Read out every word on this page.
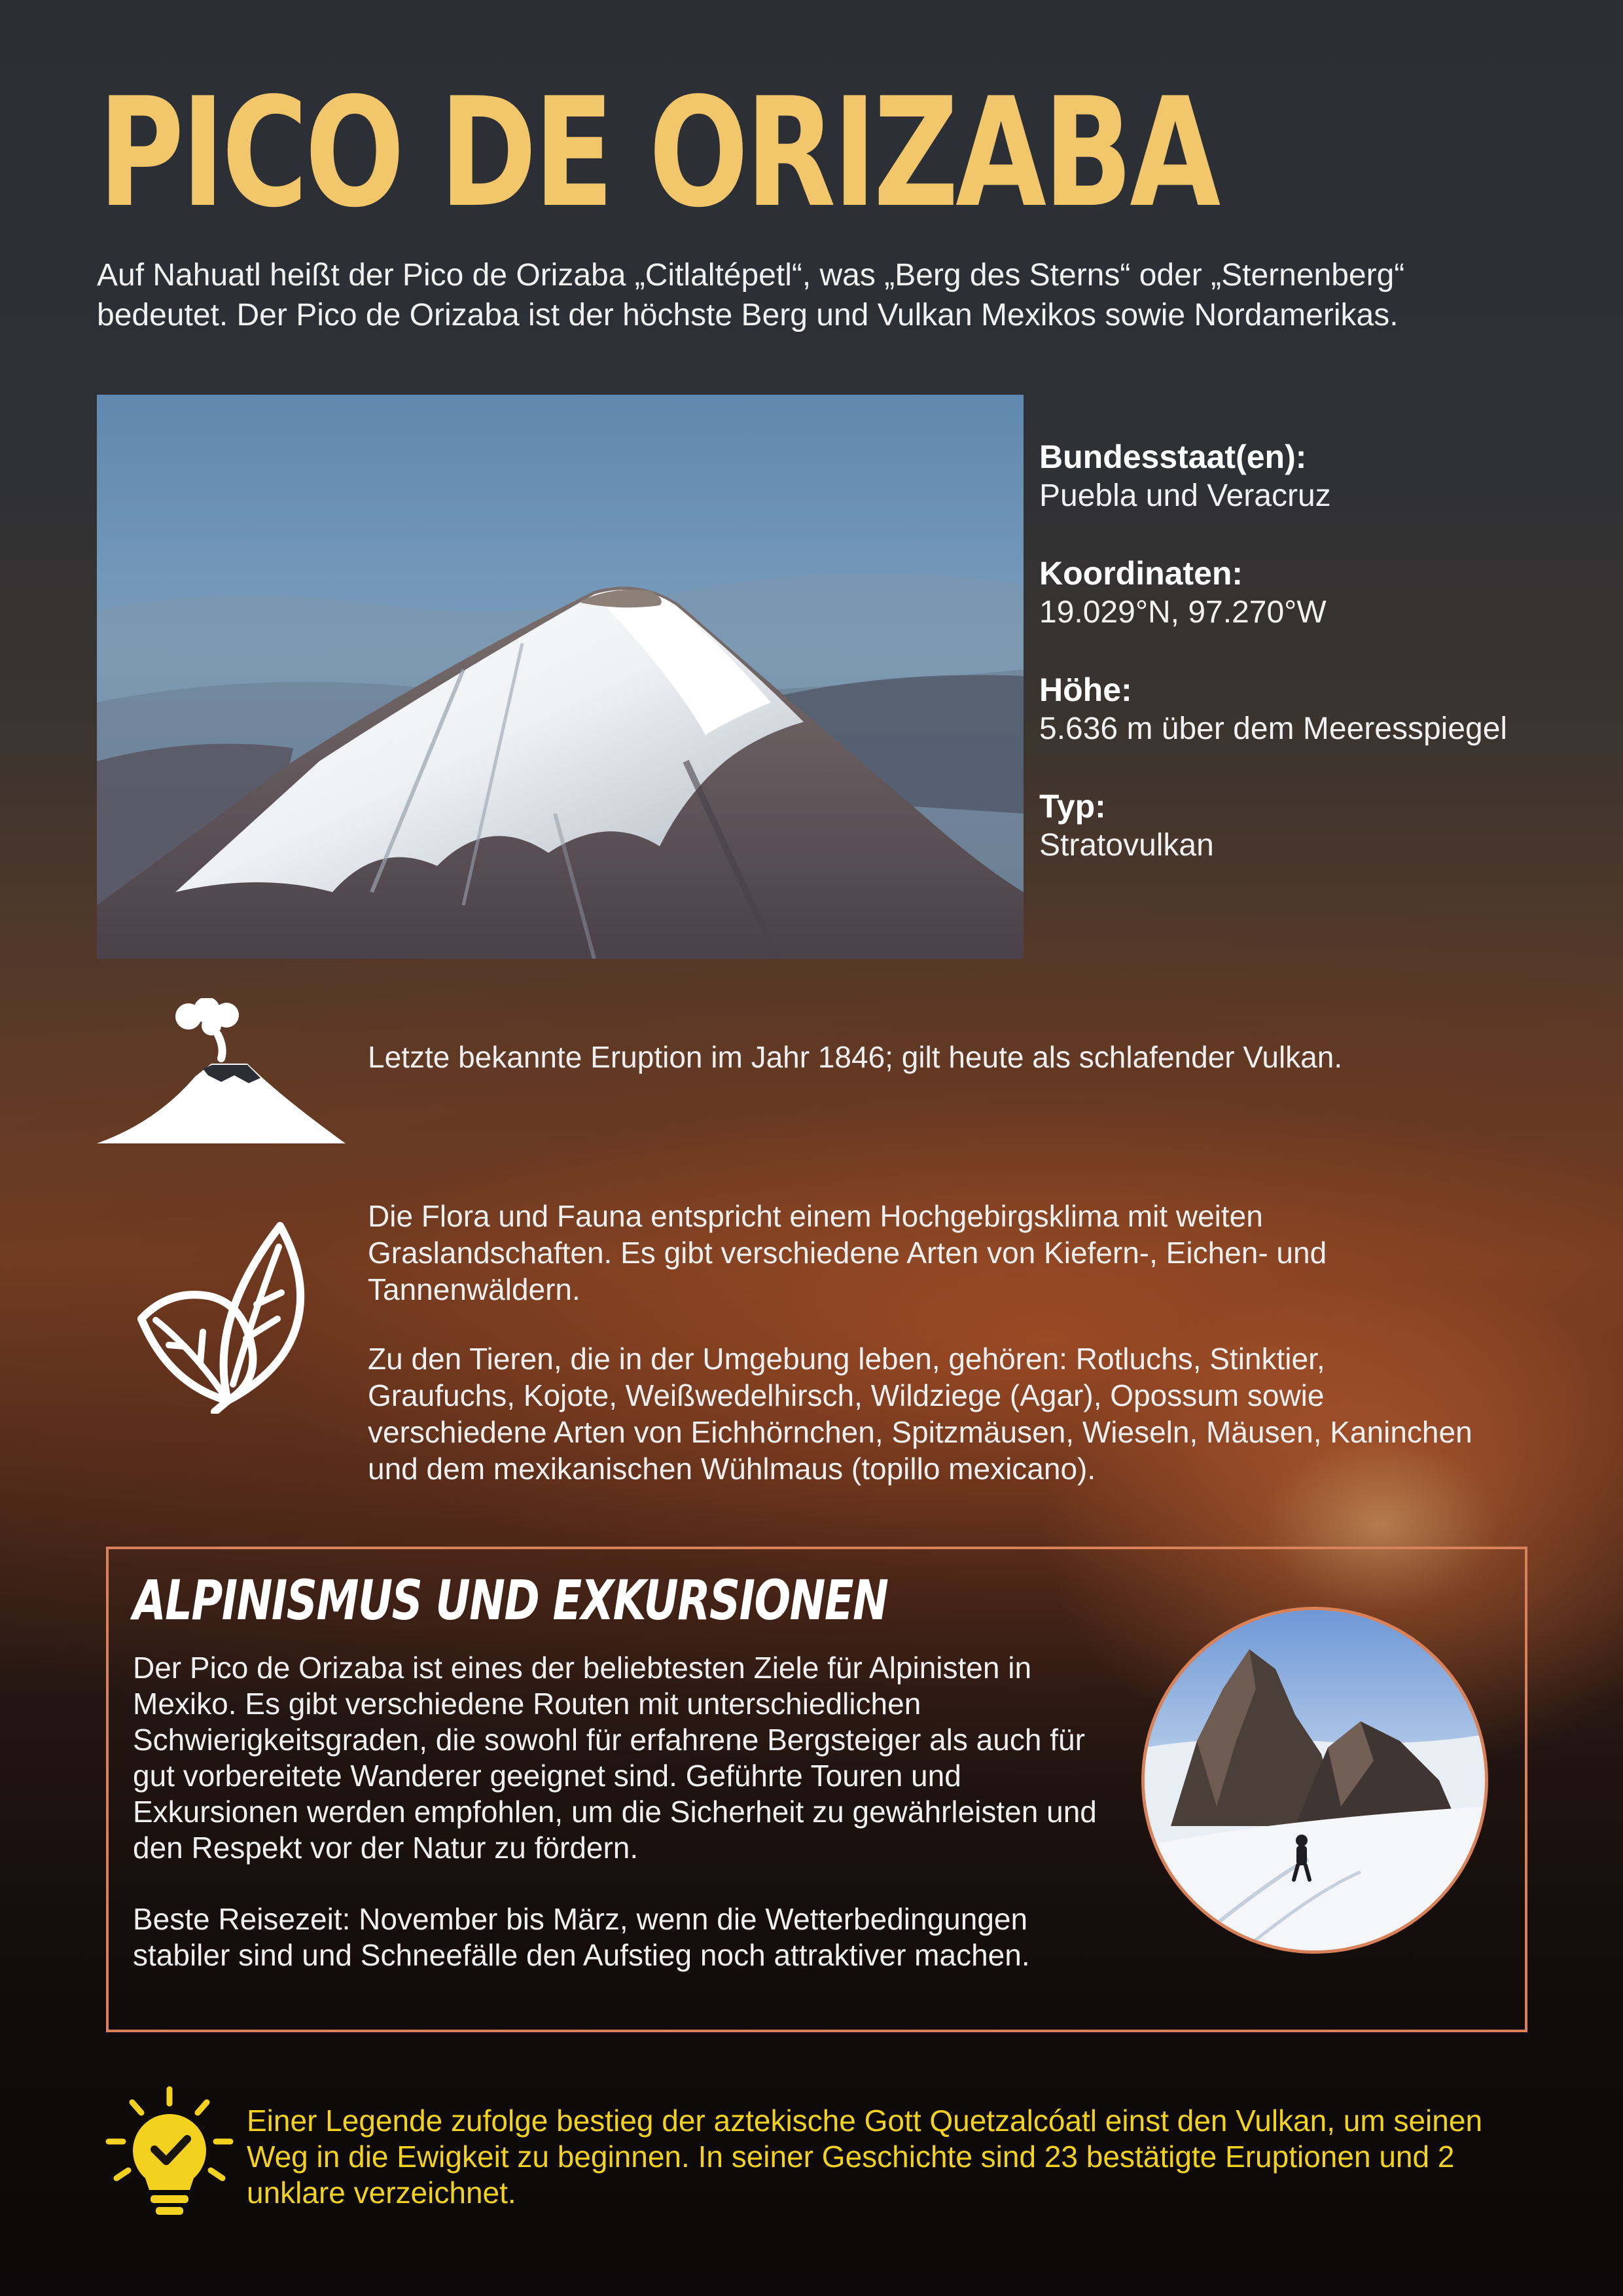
PICO DE ORIZABA

Auf Nahuatl heißt der Pico de Orizaba „Citlaltépetl“, was „Berg des Sterns“ oder „Sternenberg“ bedeutet. Der Pico de Orizaba ist der höchste Berg und Vulkan Mexikos sowie Nordamerikas.

Bundesstaat(en):
Puebla und Veracruz
Koordinaten:
19.029°N, 97.270°W
Höhe:
5.636 m über dem Meeresspiegel
Typ:
Stratovulkan

Letzte bekannte Eruption im Jahr 1846; gilt heute als schlafender Vulkan.

Die Flora und Fauna entspricht einem Hochgebirgsklima mit weiten Graslandschaften. Es gibt verschiedene Arten von Kiefern-, Eichen- und Tannenwäldern.

Zu den Tieren, die in der Umgebung leben, gehören: Rotluchs, Stinktier, Graufuchs, Kojote, Weißwedelhirsch, Wildziege (Agar), Opossum sowie verschiedene Arten von Eichhörnchen, Spitzmäusen, Wieseln, Mäusen, Kaninchen und dem mexikanischen Wühlmaus (topillo mexicano).

ALPINISMUS UND EXKURSIONEN

Der Pico de Orizaba ist eines der beliebtesten Ziele für Alpinisten in Mexiko. Es gibt verschiedene Routen mit unterschiedlichen Schwierigkeitsgraden, die sowohl für erfahrene Bergsteiger als auch für gut vorbereitete Wanderer geeignet sind. Geführte Touren und Exkursionen werden empfohlen, um die Sicherheit zu gewährleisten und den Respekt vor der Natur zu fördern.

Beste Reisezeit: November bis März, wenn die Wetterbedingungen stabiler sind und Schneefälle den Aufstieg noch attraktiver machen.

Einer Legende zufolge bestieg der aztekische Gott Quetzalcóatl einst den Vulkan, um seinen Weg in die Ewigkeit zu beginnen. In seiner Geschichte sind 23 bestätigte Eruptionen und 2 unklare verzeichnet.
